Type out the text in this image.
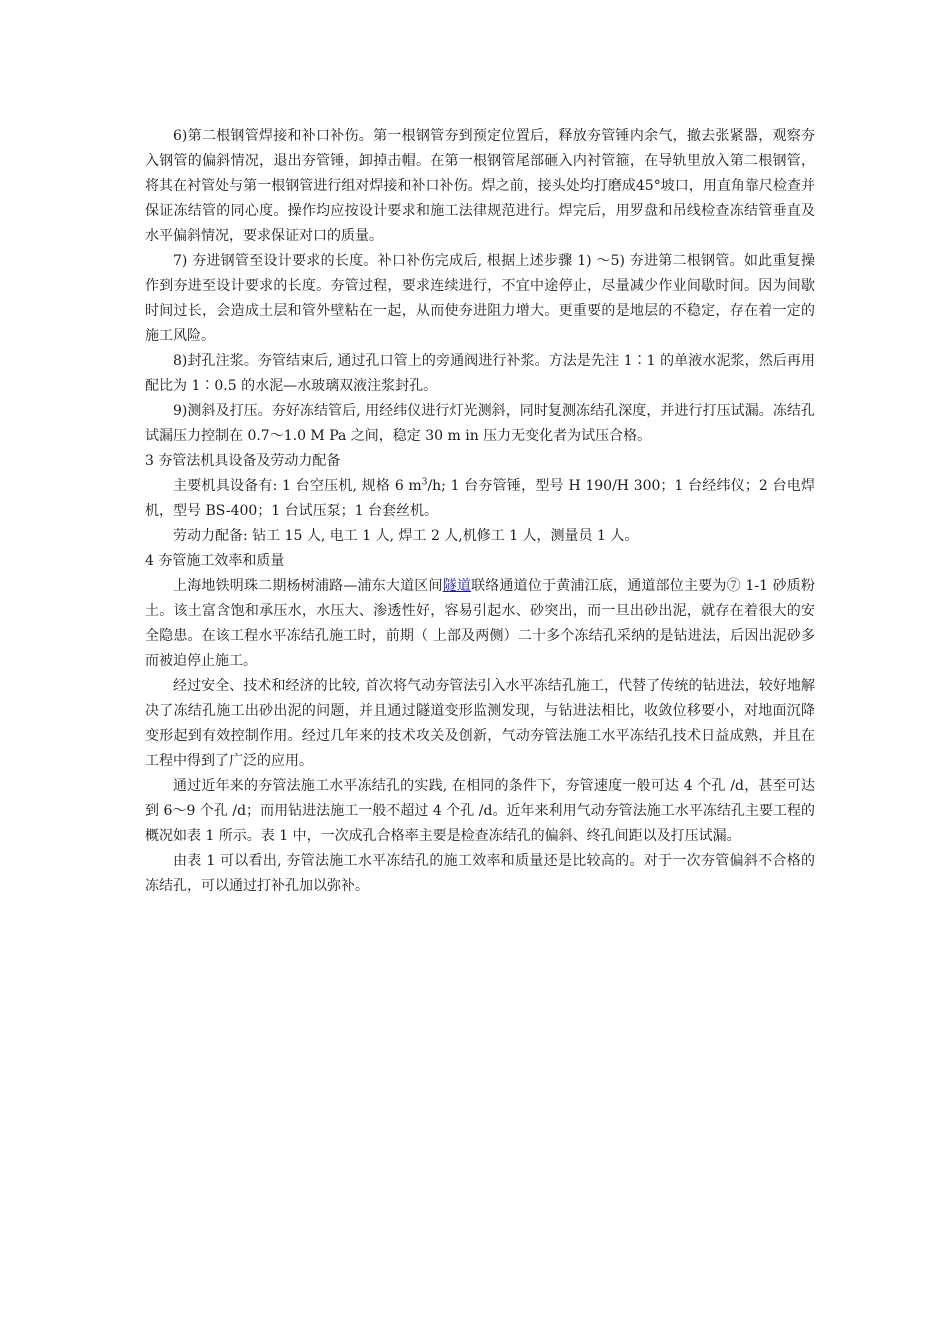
6)第二根钢管焊接和补口补伤。第一根钢管夯到预定位置后，释放夯管锤内余气，撤去张紧器，观察夯入钢管的偏斜情况，退出夯管锤，卸掉击帽。在第一根钢管尾部砸入内衬管箍，在导轨里放入第二根钢管，将其在衬管处与第一根钢管进行组对焊接和补口补伤。焊之前，接头处均打磨成45°坡口，用直角靠尺检查并保证冻结管的同心度。操作均应按设计要求和施工法律规范进行。焊完后，用罗盘和吊线检查冻结管垂直及水平偏斜情况，要求保证对口的质量。

7) 夯进钢管至设计要求的长度。补口补伤完成后, 根据上述步骤 1) ～5) 夯进第二根钢管。如此重复操作到夯进至设计要求的长度。夯管过程，要求连续进行，不宜中途停止，尽量减少作业间歇时间。因为间歇时间过长，会造成土层和管外壁粘在一起，从而使夯进阻力增大。更重要的是地层的不稳定，存在着一定的施工风险。

8)封孔注浆。夯管结束后, 通过孔口管上的旁通阀进行补浆。方法是先注 1∶1 的单液水泥浆，然后再用配比为 1∶0.5 的水泥—水玻璃双液注浆封孔。

9)测斜及打压。夯好冻结管后, 用经纬仪进行灯光测斜，同时复测冻结孔深度，并进行打压试漏。冻结孔试漏压力控制在 0.7～1.0 M Pa 之间，稳定 30 m in 压力无变化者为试压合格。

3 夯管法机具设备及劳动力配备

主要机具设备有: 1 台空压机, 规格 6 $m^3/h$; 1 台夯管锤，型号 H 190/H 300；1 台经纬仪；2 台电焊机，型号 BS-400；1 台试压泵；1 台套丝机。

劳动力配备: 钻工 15 人, 电工 1 人, 焊工 2 人,机修工 1 人，测量员 1 人。

4 夯管施工效率和质量

上海地铁明珠二期杨树浦路—浦东大道区间隧道联络通道位于黄浦江底，通道部位主要为⑦ 1-1 砂质粉土。该土富含饱和承压水，水压大、渗透性好，容易引起水、砂突出，而一旦出砂出泥，就存在着很大的安全隐患。在该工程水平冻结孔施工时，前期（ 上部及两侧）二十多个冻结孔采纳的是钻进法，后因出泥砂多而被迫停止施工。

经过安全、技术和经济的比较, 首次将气动夯管法引入水平冻结孔施工，代替了传统的钻进法，较好地解决了冻结孔施工出砂出泥的问题，并且通过隧道变形监测发现，与钻进法相比，收敛位移要小，对地面沉降变形起到有效控制作用。经过几年来的技术攻关及创新，气动夯管法施工水平冻结孔技术日益成熟，并且在工程中得到了广泛的应用。

通过近年来的夯管法施工水平冻结孔的实践, 在相同的条件下，夯管速度一般可达 4 个孔 /d，甚至可达到 6～9 个孔 /d；而用钻进法施工一般不超过 4 个孔 /d。近年来利用气动夯管法施工水平冻结孔主要工程的概况如表 1 所示。表 1 中，一次成孔合格率主要是检查冻结孔的偏斜、终孔间距以及打压试漏。

由表 1 可以看出, 夯管法施工水平冻结孔的施工效率和质量还是比较高的。对于一次夯管偏斜不合格的冻结孔，可以通过打补孔加以弥补。
